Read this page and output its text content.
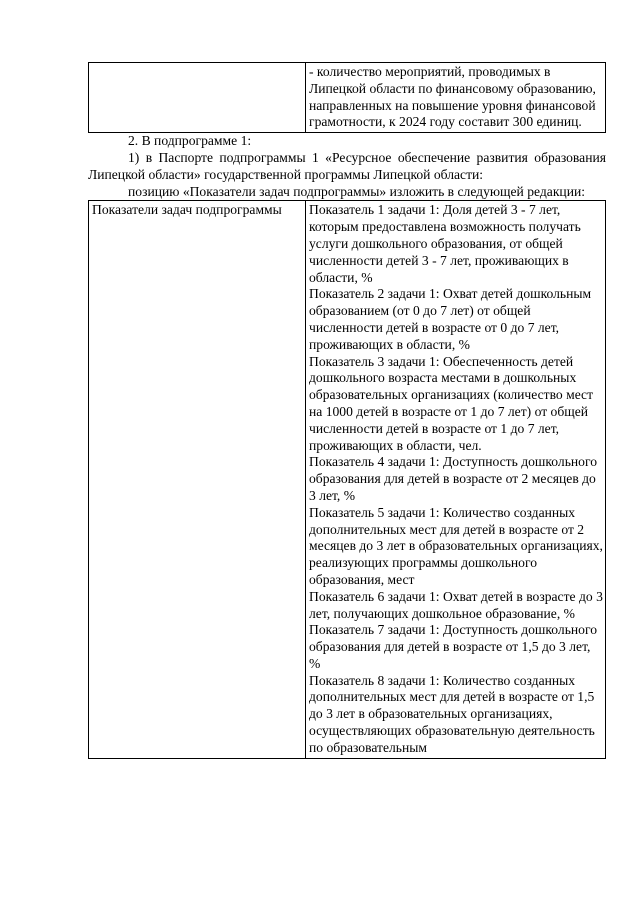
	- количество мероприятий, проводимых в Липецкой области по финансовому образованию, направленных на повышение уровня финансовой грамотности, к 2024 году составит 300 единиц.

2. В подпрограмме 1:

1) в Паспорте подпрограммы 1 «Ресурсное обеспечение развития образования Липецкой области» государственной программы Липецкой области:

позицию «Показатели задач подпрограммы» изложить в следующей редакции:

Показатели задач подпрограммы	Показатель 1 задачи 1: Доля детей 3 - 7 лет, которым предоставлена возможность получать услуги дошкольного образования, от общей численности детей 3 - 7 лет, проживающих в области, %
Показатель 2 задачи 1: Охват детей дошкольным образованием (от 0 до 7 лет) от общей численности детей в возрасте от 0 до 7 лет, проживающих в области, %
Показатель 3 задачи 1: Обеспеченность детей дошкольного возраста местами в дошкольных образовательных организациях (количество мест на 1000 детей в возрасте от 1 до 7 лет) от общей численности детей в возрасте от 1 до 7 лет, проживающих в области, чел.
Показатель 4 задачи 1: Доступность дошкольного образования для детей в возрасте от 2 месяцев до 3 лет, %
Показатель 5 задачи 1: Количество созданных дополнительных мест для детей в возрасте от 2 месяцев до 3 лет в образовательных организациях, реализующих программы дошкольного образования, мест
Показатель 6 задачи 1: Охват детей в возрасте до 3 лет, получающих дошкольное образование, %
Показатель 7 задачи 1: Доступность дошкольного образования для детей в возрасте от 1,5 до 3 лет, %
Показатель 8 задачи 1: Количество созданных дополнительных мест для детей в возрасте от 1,5 до 3 лет в образовательных организациях, осуществляющих образовательную деятельность по образовательным
